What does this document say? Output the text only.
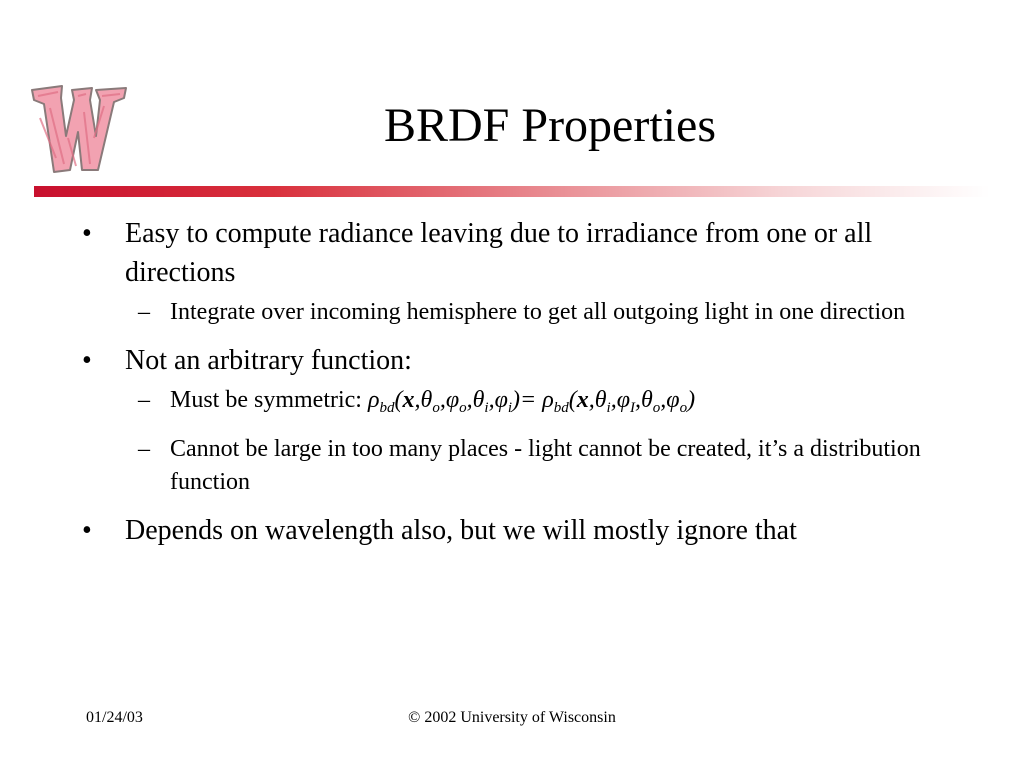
BRDF Properties
• Easy to compute radiance leaving due to irradiance from one or all directions
– Integrate over incoming hemisphere to get all outgoing light in one direction
• Not an arbitrary function:
– Must be symmetric: $\rho_{bd}(x,\theta_o,\varphi_o,\theta_i,\varphi_i)= \rho_{bd}(x,\theta_i,\varphi_I,\theta_o,\varphi_o)$
– Cannot be large in too many places - light cannot be created, it’s a distribution function
• Depends on wavelength also, but we will mostly ignore that
01/24/03	© 2002 University of Wisconsin
